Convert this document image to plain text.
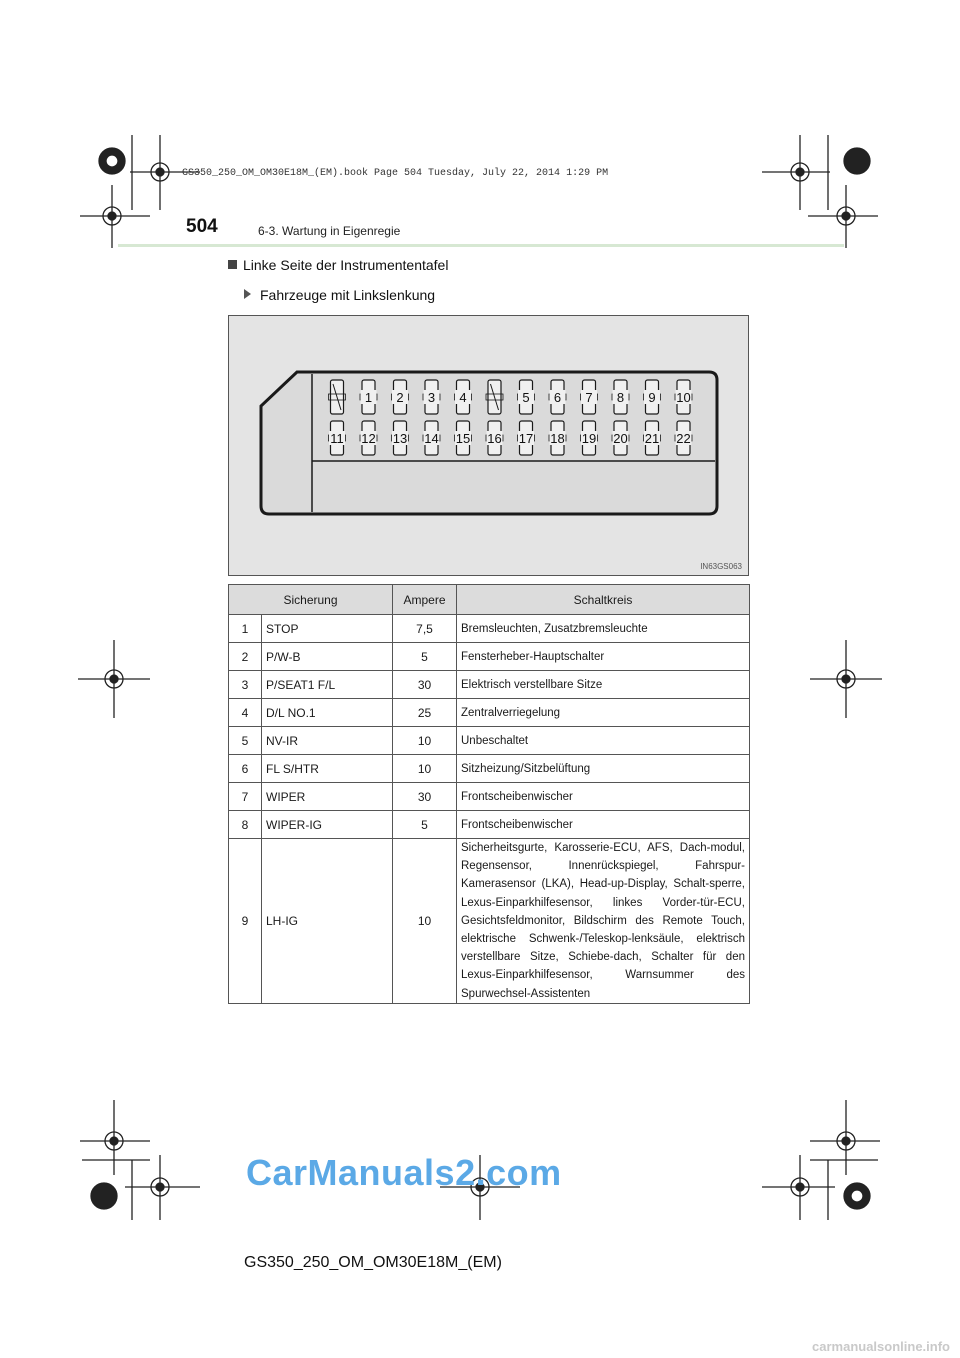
GS350_250_OM_OM30E18M_(EM).book Page 504 Tuesday, July 22, 2014 1:29 PM
504	6-3. Wartung in Eigenregie
Linke Seite der Instrumententafel
Fahrzeuge mit Linkslenkung
1 2 3 4	5 6 7 8 9 10
11 12 13 14 15 16 17 18 19 20 21 22
IN63GS063
Sicherung		Ampere	Schaltkreis
1	STOP	7,5	Bremsleuchten, Zusatzbremsleuchte
2	P/W-B	5	Fensterheber-Hauptschalter
3	P/SEAT1 F/L	30	Elektrisch verstellbare Sitze
4	D/L NO.1	25	Zentralverriegelung
5	NV-IR	10	Unbeschaltet
6	FL S/HTR	10	Sitzheizung/Sitzbelüftung
7	WIPER	30	Frontscheibenwischer
8	WIPER-IG	5	Frontscheibenwischer
9	LH-IG	10	Sicherheitsgurte, Karosserie-ECU, AFS, Dach-modul, Regensensor, Innenrückspiegel, Fahrspur-Kamerasensor (LKA), Head-up-Display, Schalt-sperre, Lexus-Einparkhilfesensor, linkes Vorder-tür-ECU, Gesichtsfeldmonitor, Bildschirm des Remote Touch, elektrische Schwenk-/Teleskop-lenksäule, elektrisch verstellbare Sitze, Schiebe-dach, Schalter für den Lexus-Einparkhilfesensor, Warnsummer des Spurwechsel-Assistenten
CarManuals2.com
GS350_250_OM_OM30E18M_(EM)
carmanualsonline.info
